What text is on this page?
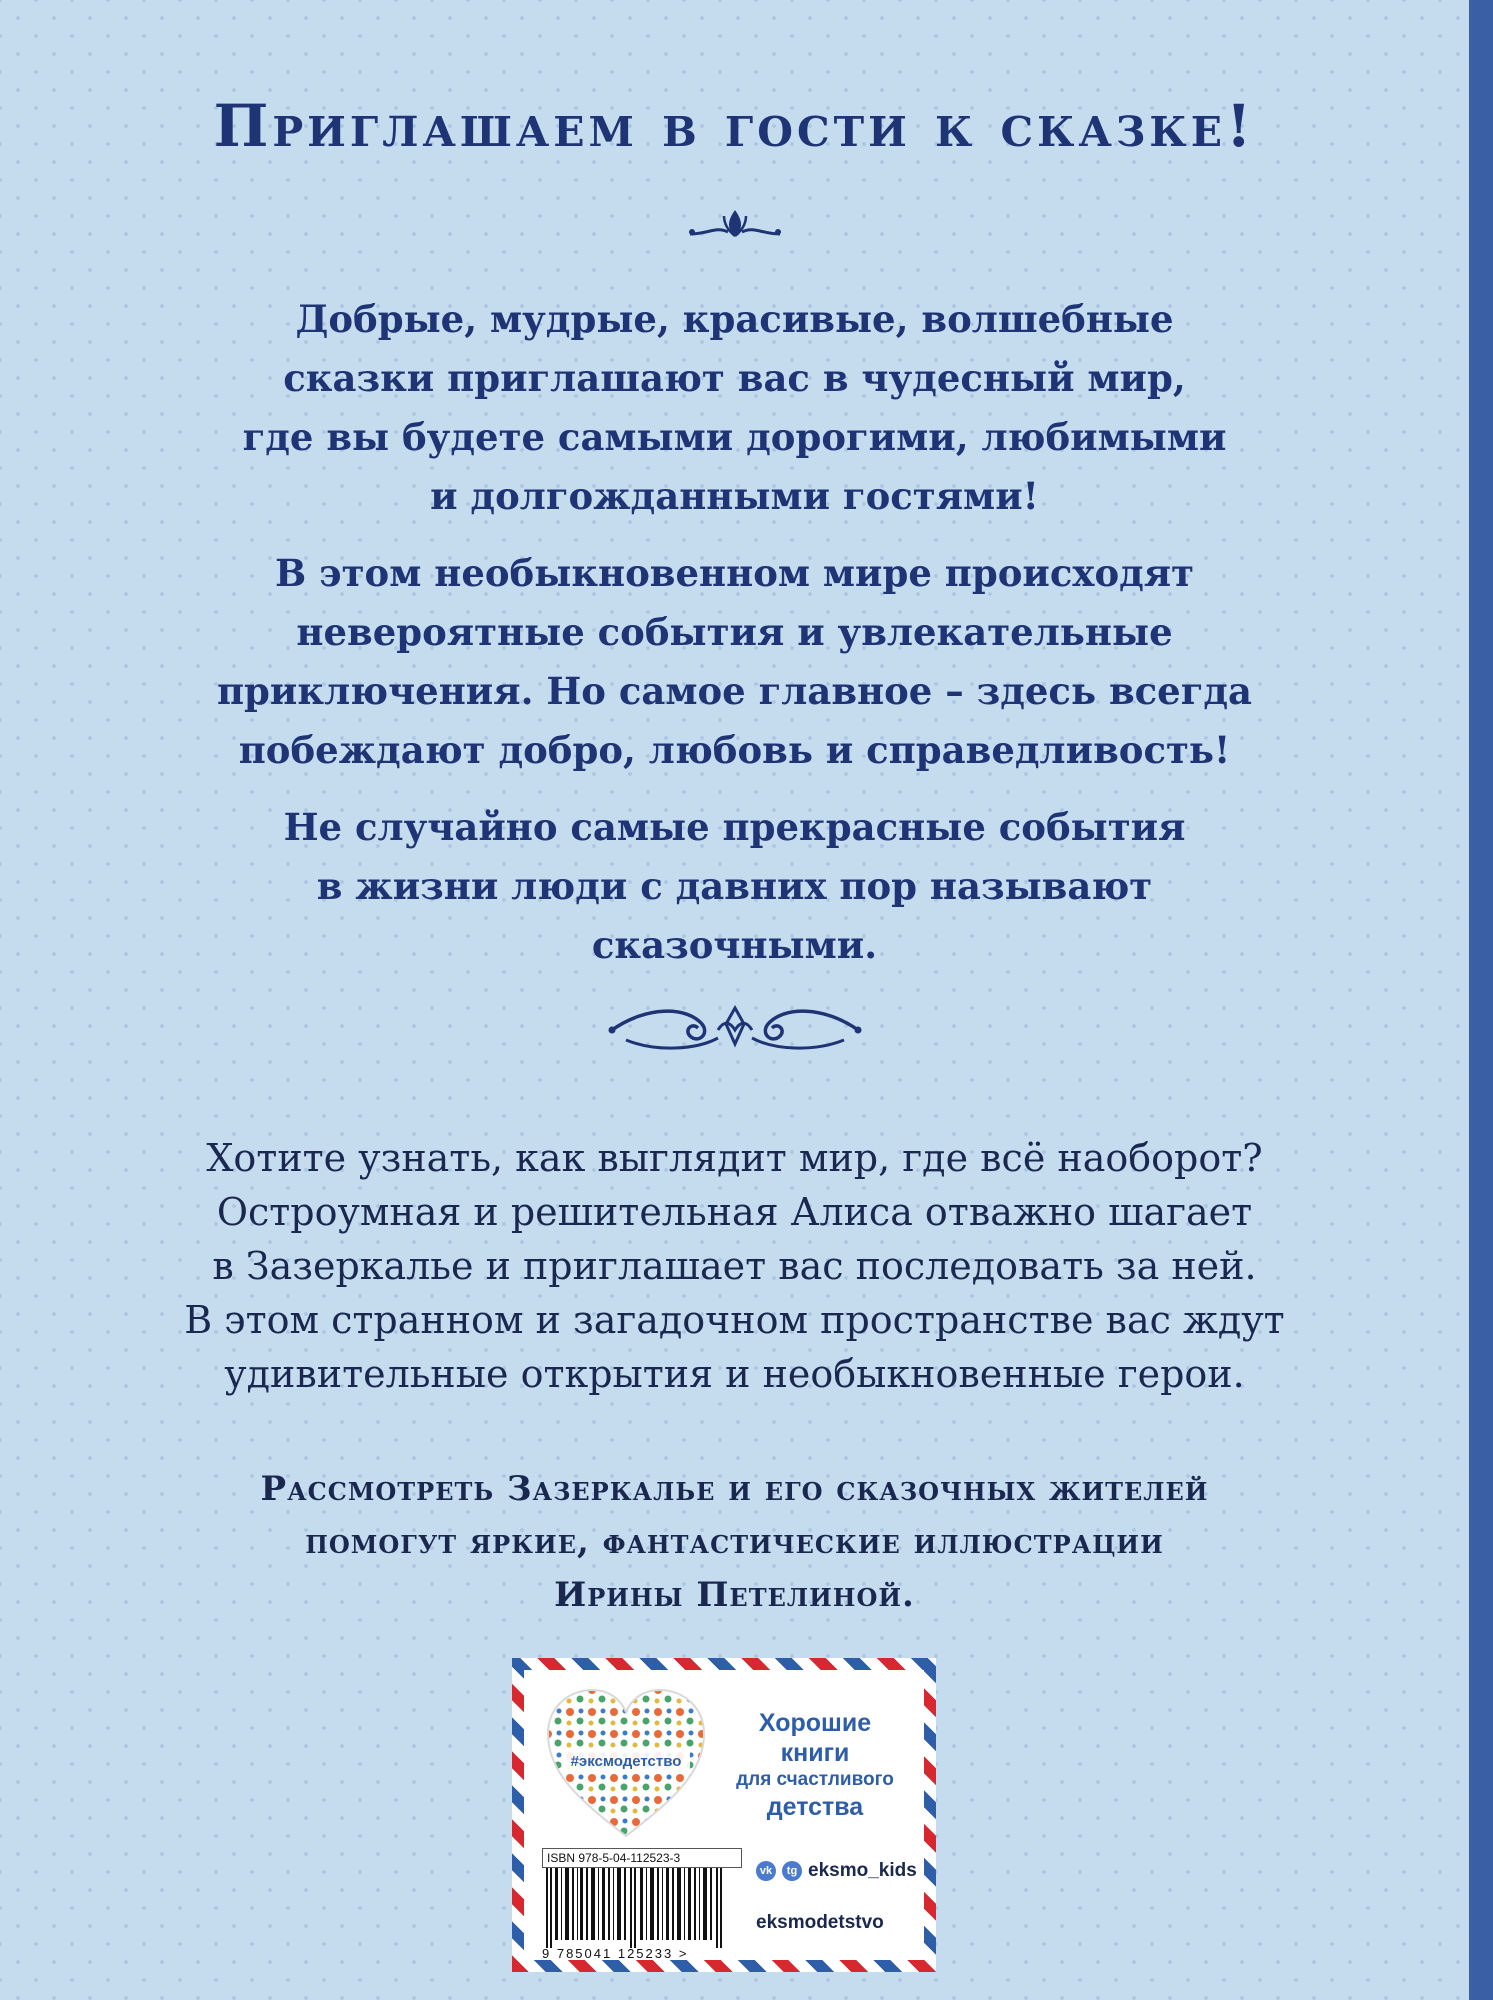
Приглашаем в гости к сказке!

Добрые, мудрые, красивые, волшебные
сказки приглашают вас в чудесный мир,
где вы будете самыми дорогими, любимыми
и долгожданными гостями!

В этом необыкновенном мире происходят
невероятные события и увлекательные
приключения. Но самое главное – здесь всегда
побеждают добро, любовь и справедливость!

Не случайно самые прекрасные события
в жизни люди с давних пор называют
сказочными.

Хотите узнать, как выглядит мир, где всё наоборот?
Остроумная и решительная Алиса отважно шагает
в Зазеркалье и приглашает вас последовать за ней.
В этом странном и загадочном пространстве вас ждут
удивительные открытия и необыкновенные герои.
Рассмотреть Зазеркалье и его сказочных жителей
помогут яркие, фантастические иллюстрации
Ирины Петелиной.
#эксмодетство
Хорошие
книги
для счастливого
детства
ISBN 978-5-04-112523-3
9 785041 125233 >
vk	tg eksmo_kids
eksmodetstvo
